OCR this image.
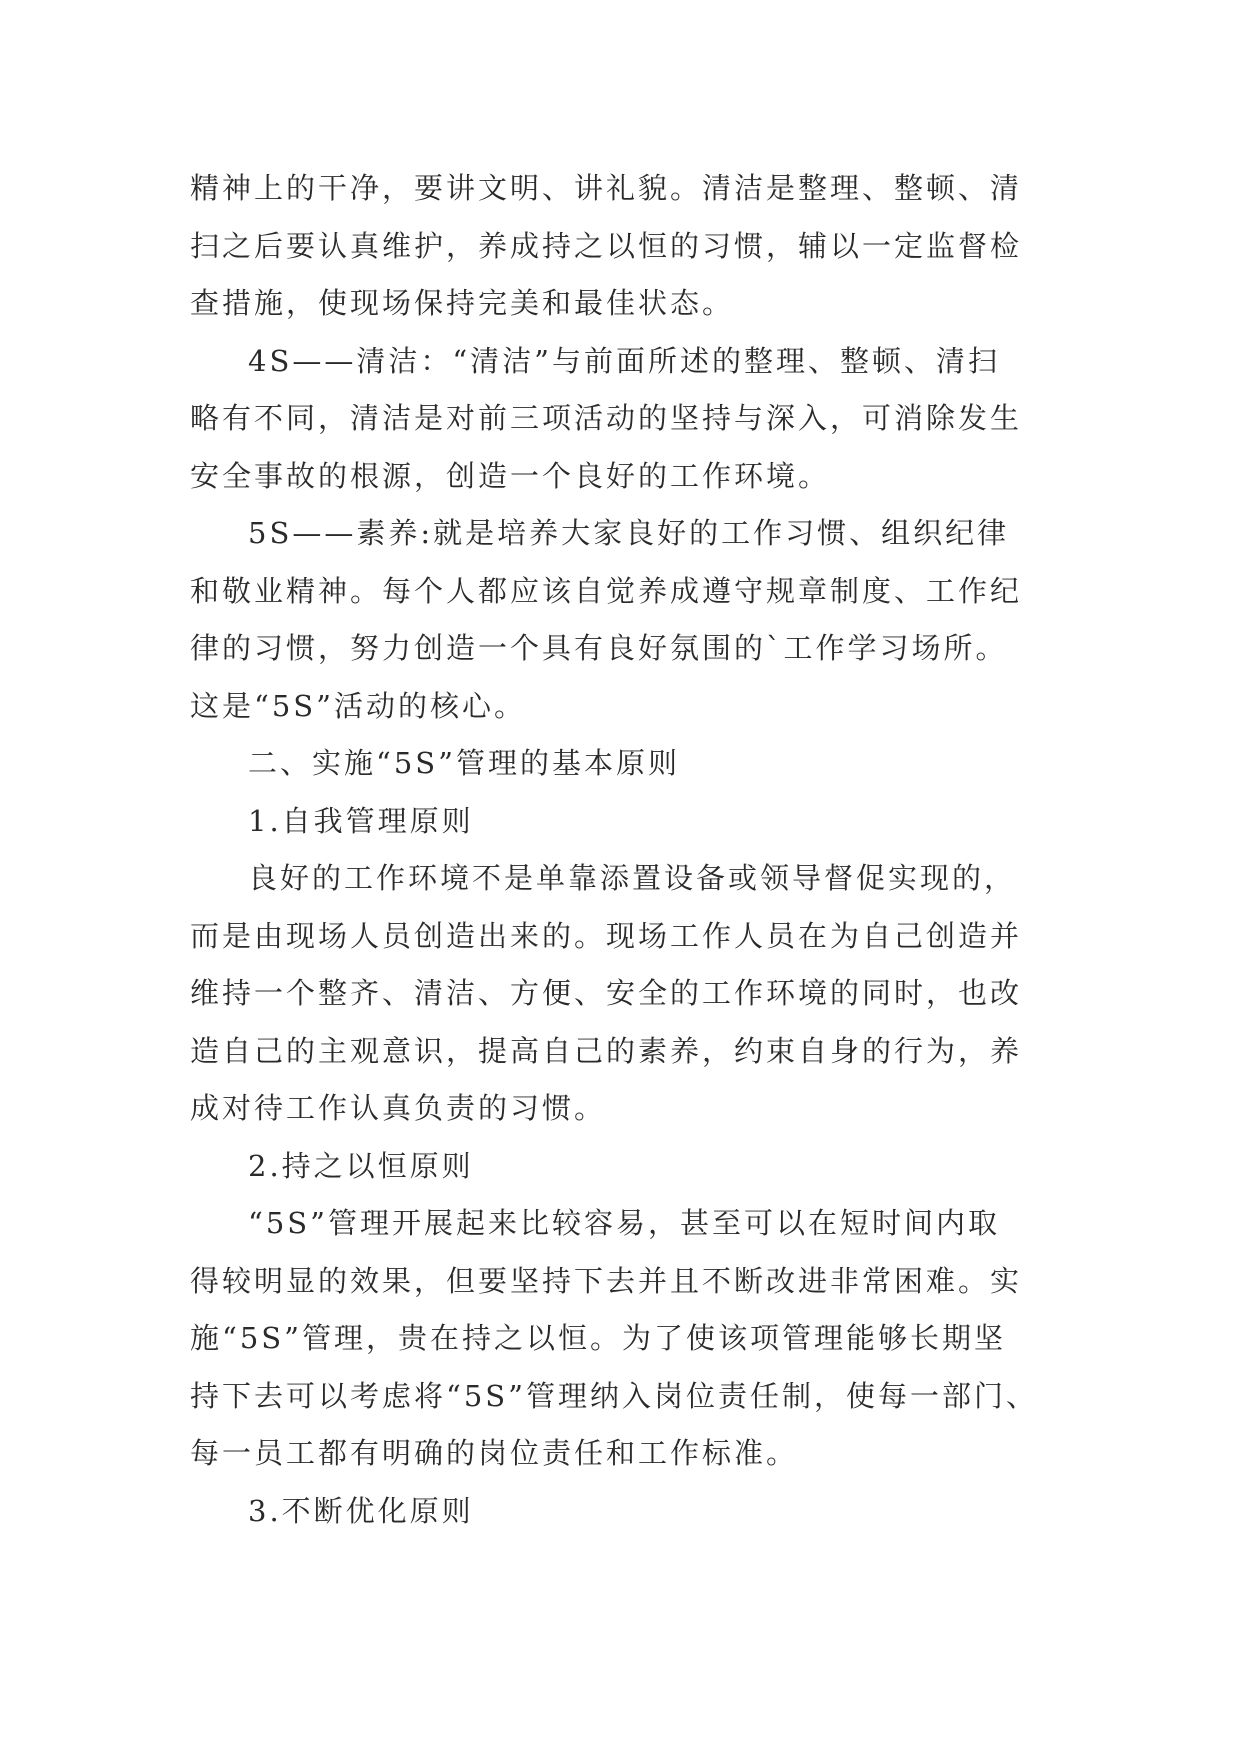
精神上的干净，要讲文明、讲礼貌。清洁是整理、整顿、清
扫之后要认真维护，养成持之以恒的习惯，辅以一定监督检
查措施，使现场保持完美和最佳状态。
4S——清洁：“清洁”与前面所述的整理、整顿、清扫
略有不同，清洁是对前三项活动的坚持与深入，可消除发生
安全事故的根源，创造一个良好的工作环境。
5S——素养:就是培养大家良好的工作习惯、组织纪律
和敬业精神。每个人都应该自觉养成遵守规章制度、工作纪
律的习惯，努力创造一个具有良好氛围的`工作学习场所。
这是“5S”活动的核心。
二、实施“5S”管理的基本原则
1.自我管理原则
良好的工作环境不是单靠添置设备或领导督促实现的，
而是由现场人员创造出来的。现场工作人员在为自己创造并
维持一个整齐、清洁、方便、安全的工作环境的同时，也改
造自己的主观意识，提高自己的素养，约束自身的行为，养
成对待工作认真负责的习惯。
2.持之以恒原则
“5S”管理开展起来比较容易，甚至可以在短时间内取
得较明显的效果，但要坚持下去并且不断改进非常困难。实
施“5S”管理，贵在持之以恒。为了使该项管理能够长期坚
持下去可以考虑将“5S”管理纳入岗位责任制，使每一部门、
每一员工都有明确的岗位责任和工作标准。
3.不断优化原则
